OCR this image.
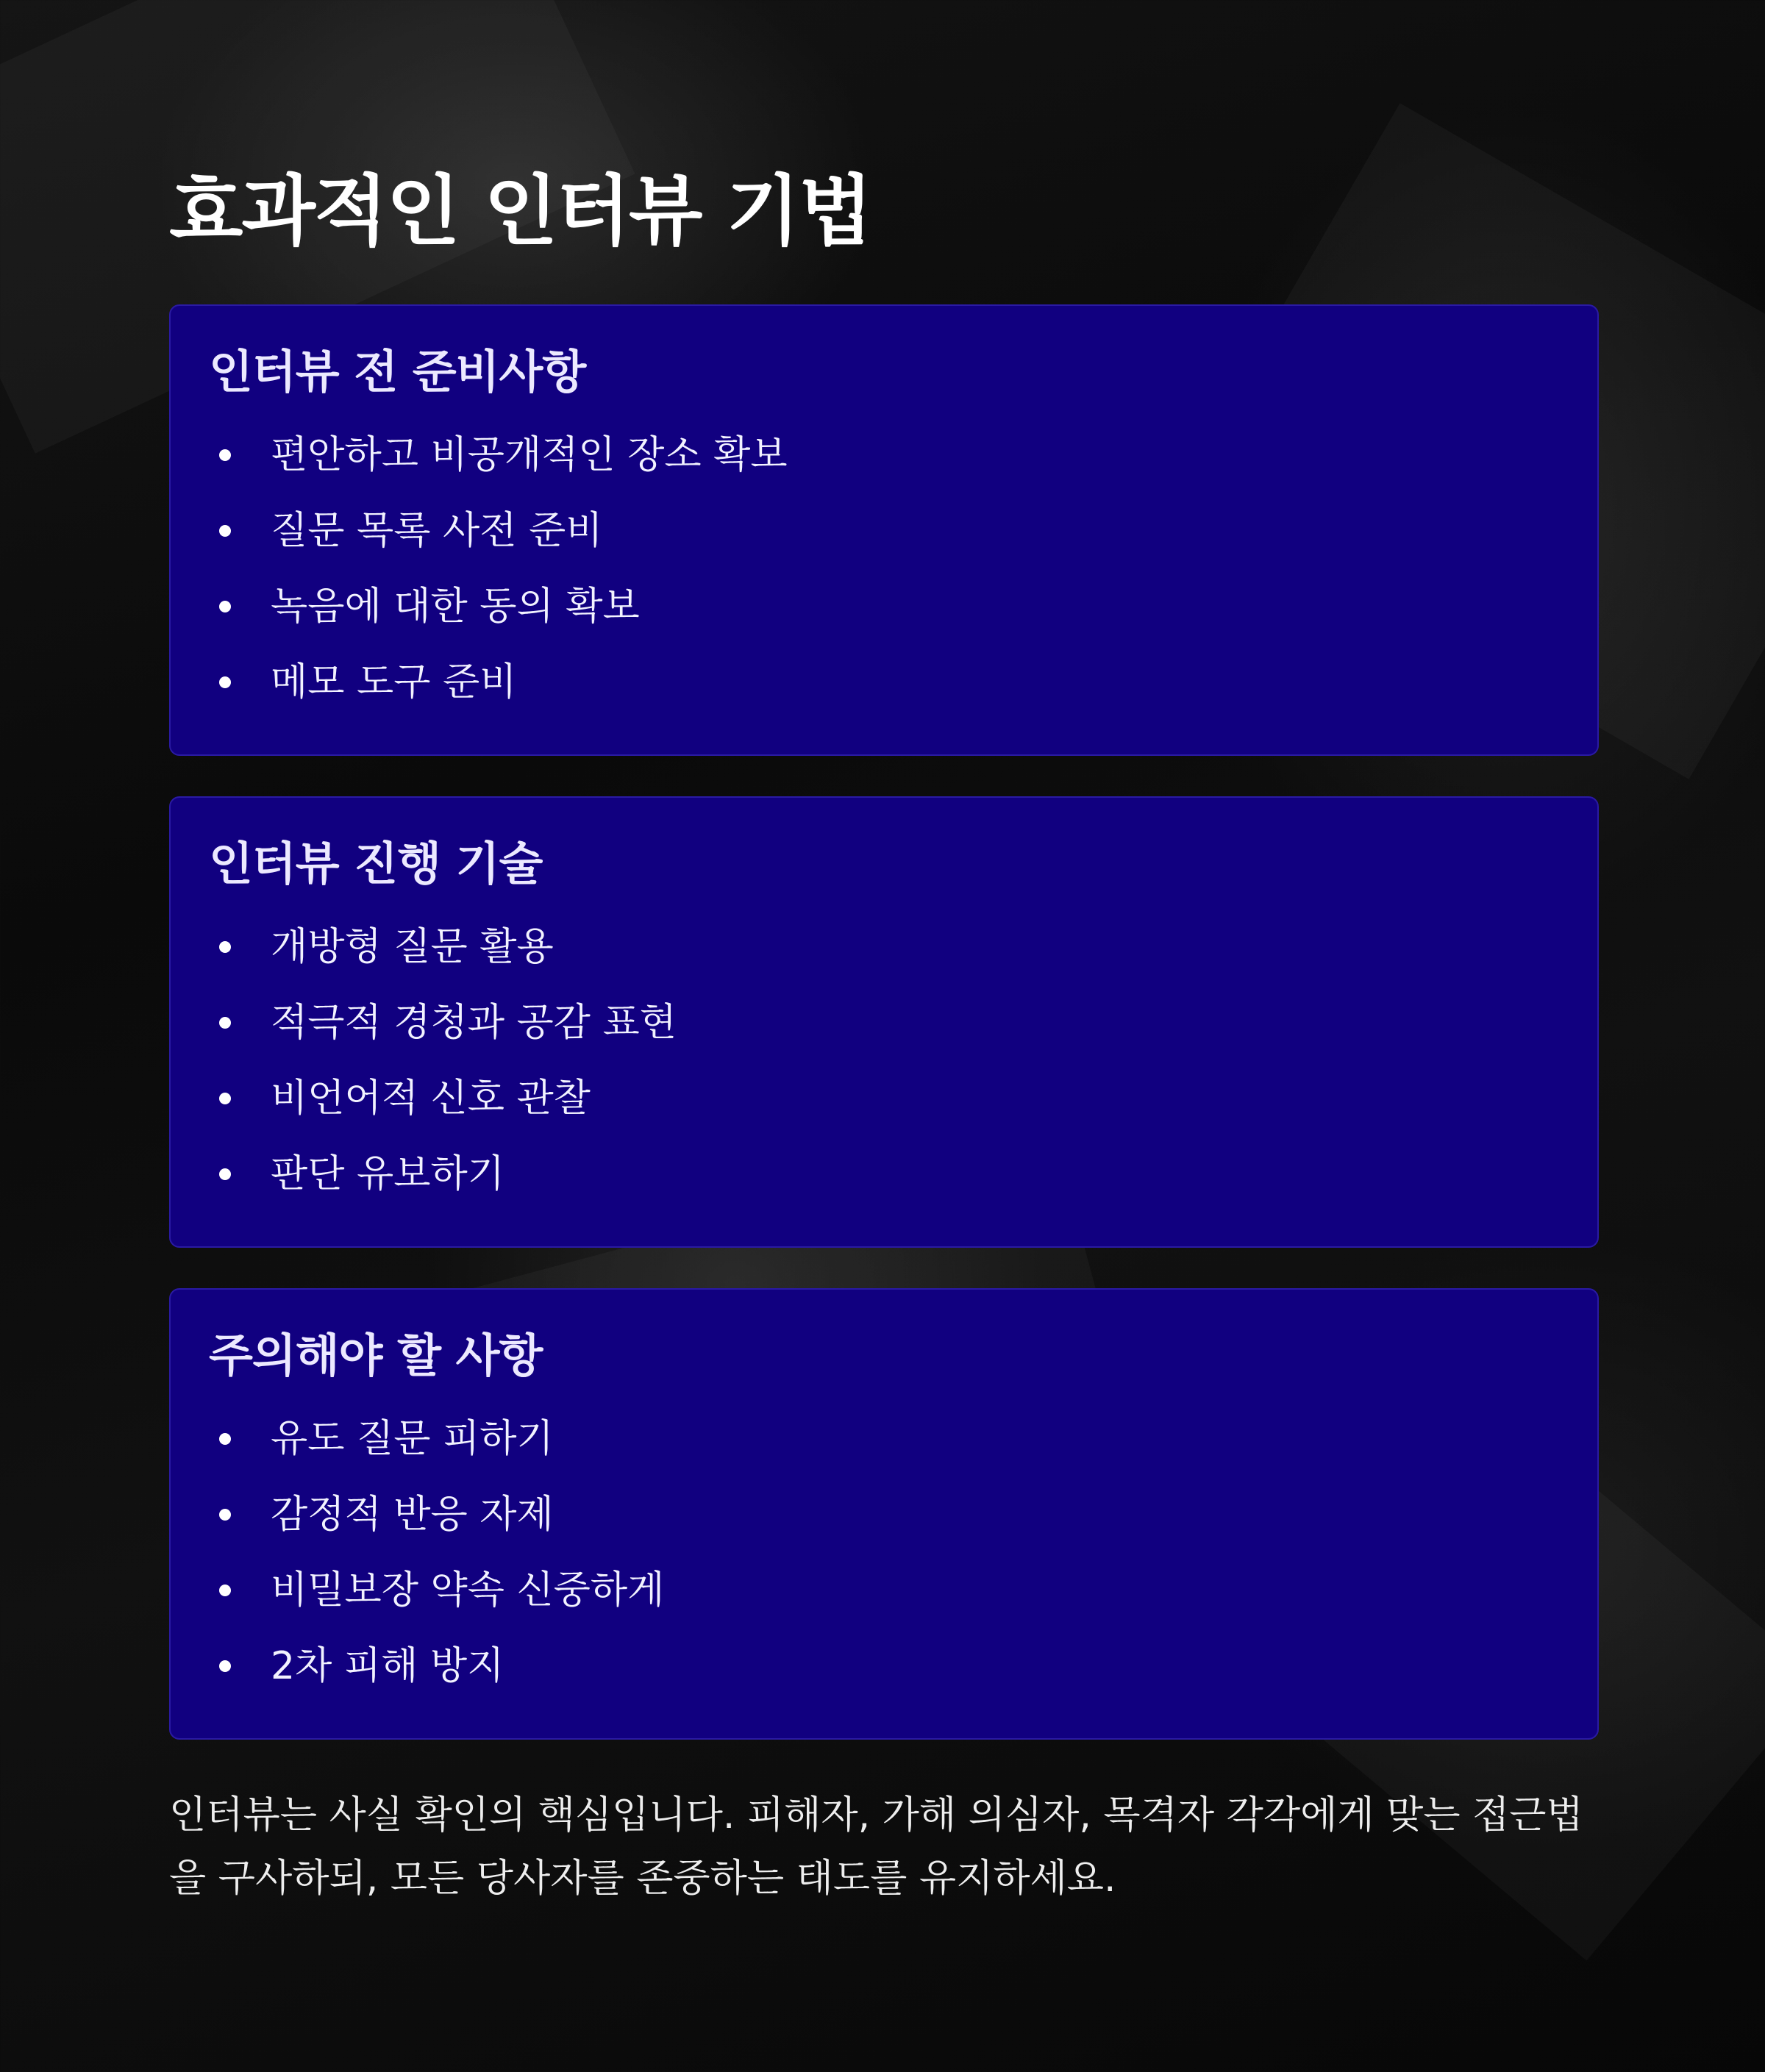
효과적인 인터뷰 기법
인터뷰 전 준비사항
편안하고 비공개적인 장소 확보
질문 목록 사전 준비
녹음에 대한 동의 확보
메모 도구 준비
인터뷰 진행 기술
개방형 질문 활용
적극적 경청과 공감 표현
비언어적 신호 관찰
판단 유보하기
주의해야 할 사항
유도 질문 피하기
감정적 반응 자제
비밀보장 약속 신중하게
2차 피해 방지

인터뷰는 사실 확인의 핵심입니다. 피해자, 가해 의심자, 목격자 각각에게 맞는 접근법을 구사하되, 모든 당사자를 존중하는 태도를 유지하세요.
